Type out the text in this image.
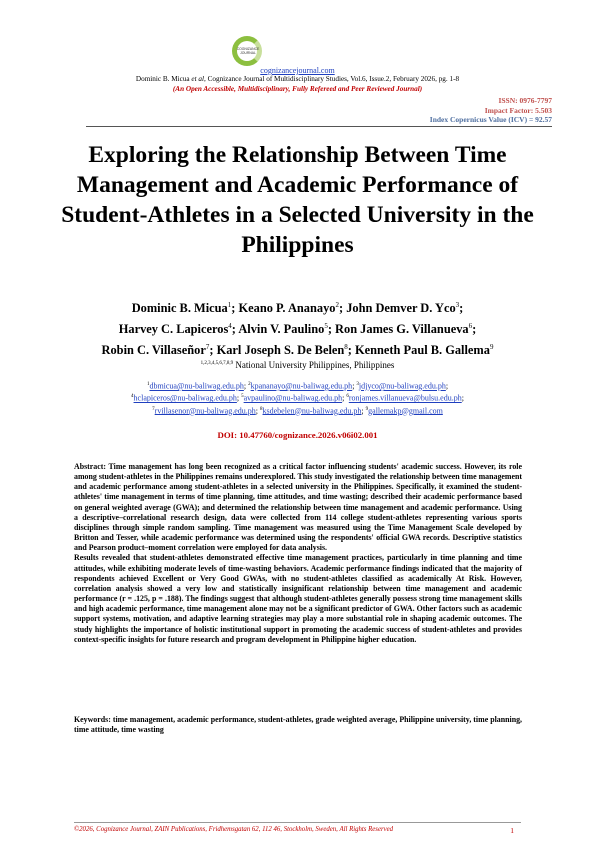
COGNIZANCE JOURNAL
cognizancejournal.com
Dominic B. Micua et al, Cognizance Journal of Multidisciplinary Studies, Vol.6, Issue.2, February 2026, pg. 1-8
(An Open Accessible, Multidisciplinary, Fully Refereed and Peer Reviewed Journal)
ISSN: 0976-7797
Impact Factor: 5.503
Index Copernicus Value (ICV) = 92.57
Exploring the Relationship Between Time Management and Academic Performance of Student-Athletes in a Selected University in the Philippines
Dominic B. Micua$^1$; Keano P. Ananayo$^2$; John Demver D. Yco$^3$;
Harvey C. Lapiceros$^4$; Alvin V. Paulino$^5$; Ron James G. Villanueva$^6$;
Robin C. Villaseñor$^7$; Karl Joseph S. De Belen$^8$; Kenneth Paul B. Gallema$^9$
$^{1,2,3,4,5,6,7,8,9}$ National University Philippines, Philippines
$^1$dbmicua@nu-baliwag.edu.ph; $^2$kpananayo@nu-baliwag.edu.ph; $^3$jdjyco@nu-baliwag.edu.ph;
$^4$hclapiceros@nu-baliwag.edu.ph; $^5$avpaulino@nu-baliwag.edu.ph; $^6$ronjames.villanueva@bulsu.edu.ph;
$^7$rvillasenor@nu-baliwag.edu.ph; $^8$ksdebelen@nu-baliwag.edu.ph; $^9$gallemakp@gmail.com
DOI: 10.47760/cognizance.2026.v06i02.001

Abstract: Time management has long been recognized as a critical factor influencing students' academic success. However, its role among student-athletes in the Philippines remains underexplored. This study investigated the relationship between time management and academic performance among student-athletes in a selected university in the Philippines. Specifically, it examined the student-athletes' time management in terms of time planning, time attitudes, and time wasting; described their academic performance based on general weighted average (GWA); and determined the relationship between time management and academic performance. Using a descriptive–correlational research design, data were collected from 114 college student-athletes representing various sports disciplines through simple random sampling. Time management was measured using the Time Management Scale developed by Britton and Tesser, while academic performance was determined using the respondents' official GWA records. Descriptive statistics and Pearson product–moment correlation were employed for data analysis.

Results revealed that student-athletes demonstrated effective time management practices, particularly in time planning and time attitudes, while exhibiting moderate levels of time-wasting behaviors. Academic performance findings indicated that the majority of respondents achieved Excellent or Very Good GWAs, with no student-athletes classified as academically At Risk. However, correlation analysis showed a very low and statistically insignificant relationship between time management and academic performance (r = .125, p = .188). The findings suggest that although student-athletes generally possess strong time management skills and high academic performance, time management alone may not be a significant predictor of GWA. Other factors such as academic support systems, motivation, and adaptive learning strategies may play a more substantial role in shaping academic outcomes. The study highlights the importance of holistic institutional support in promoting the academic success of student-athletes and provides context-specific insights for future research and program development in Philippine higher education.

Keywords: time management, academic performance, student-athletes, grade weighted average, Philippine university, time planning, time attitude, time wasting
©2026, Cognizance Journal, ZAIN Publications, Fridhemsgatan 62, 112 46, Stockholm, Sweden, All Rights Reserved	1
